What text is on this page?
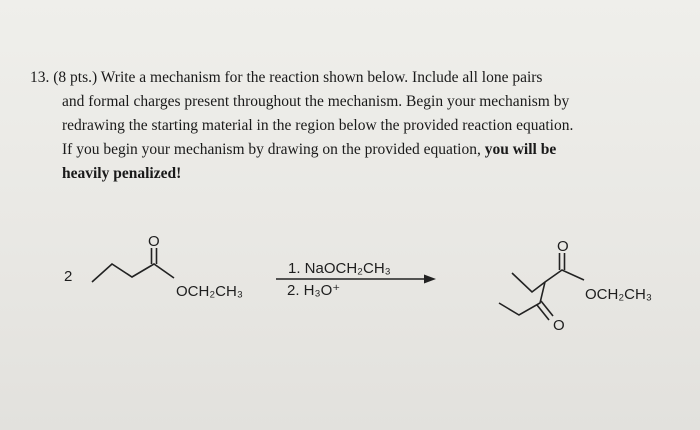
13. (8 pts.) Write a mechanism for the reaction shown below. Include all lone pairs
and formal charges present throughout the mechanism. Begin your mechanism by
redrawing the starting material in the region below the provided reaction equation.
If you begin your mechanism by drawing on the provided equation, you will be
heavily penalized!
2
O
OCH₂CH₃
1. NaOCH₂CH₃
2. H₃O⁺
O
OCH₂CH₃
O
